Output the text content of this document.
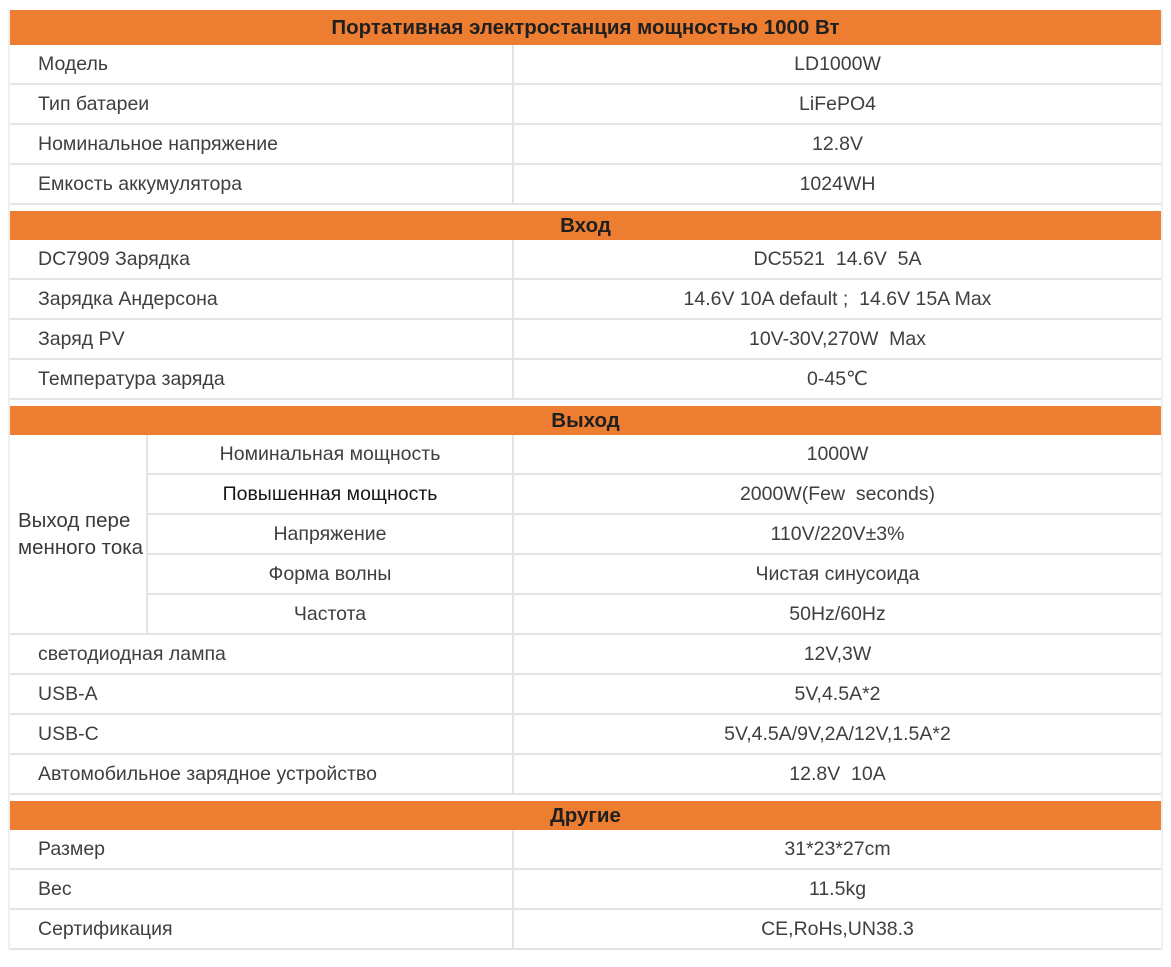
Портативная электростанция мощностью 1000 Вт		
Модель		LD1000W
Тип батареи		LiFePO4
Номинальное напряжение		12.8V
Емкость аккумулятора		1024WH
Вход		
DC7909 Зарядка		DC5521  14.6V  5A
Зарядка Андерсона		14.6V 10A default ;  14.6V 15A Max
Заряд PV		10V-30V,270W  Max
Температура заряда		0-45℃
Выход		
Выход переменного тока	Номинальная мощность	1000W
	Повышенная мощность	2000W(Few  seconds)
	Напряжение	110V/220V±3%
	Форма волны	Чистая синусоида
	Частота	50Hz/60Hz
светодиодная лампа		12V,3W
USB-A		5V,4.5A*2
USB-C		5V,4.5A/9V,2A/12V,1.5A*2
Автомобильное зарядное устройство		12.8V  10A
Другие		
Размер		31*23*27cm
Вес		11.5kg
Сертификация		CE,RoHs,UN38.3
